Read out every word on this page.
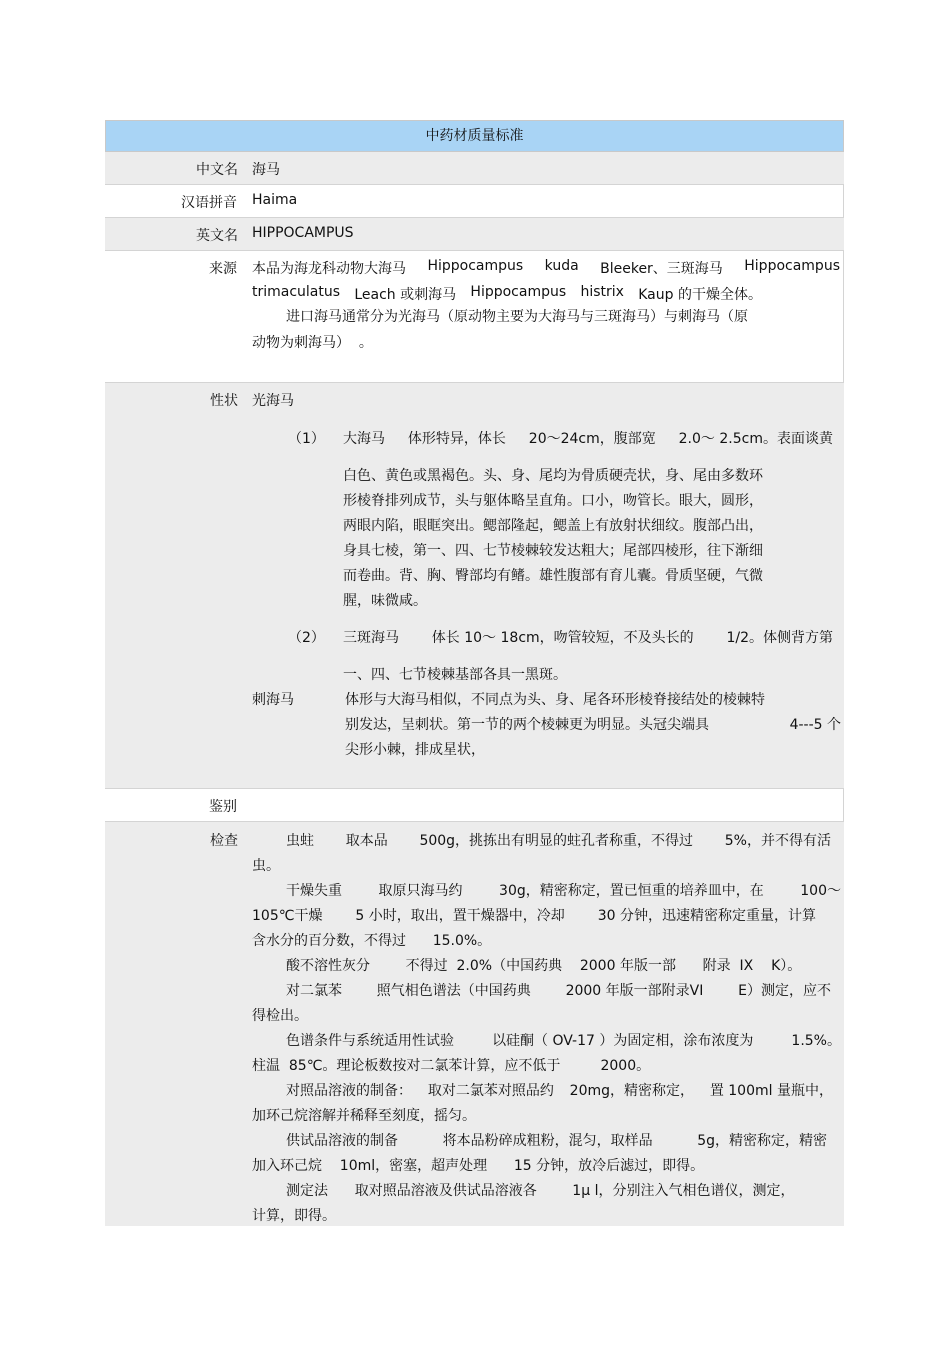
中药材质量标准
中文名 海马
汉语拼音 Haima
英文名 HIPPOCAMPUS
来源 本品为海龙科动物大海马 Hippocampus kuda Bleeker、三斑海马 Hippocampus
trimaculatus Leach 或刺海马 Hippocampus histrix Kaup 的干燥全体。
进口海马通常分为光海马（原动物主要为大海马与三斑海马）与刺海马（原
动物为刺海马）  。
性状 光海马
（1） 大海马 体形特异，体长 20～24cm，腹部宽 2.0～ 2.5cm。表面谈黄
白色、黄色或黑褐色。头、身、尾均为骨质硬壳状，身、尾由多数环
形棱脊排列成节，头与躯体略呈直角。口小，吻管长。眼大，圆形，
两眼内陷，眼眶突出。鳃部隆起，鳃盖上有放射状细纹。腹部凸出，
身具七棱，第一、四、七节棱棘较发达粗大；尾部四棱形，往下渐细
而卷曲。背、胸、臀部均有鳍。雄性腹部有育儿囊。骨质坚硬，气微
腥，味微咸。
（2） 三斑海马 体长 10～ 18cm，吻管较短，不及头长的 1/2。体侧背方第
一、四、七节棱棘基部各具一黑斑。
刺海马	体形与大海马相似，不同点为头、身、尾各环形棱脊接结处的棱棘特
别发达，呈刺状。第一节的两个棱棘更为明显。头冠尖端具	4---5 个
尖形小棘，排成星状，
鉴别
检查	虫蛀 取本品 500g，挑拣出有明显的蛀孔者称重，不得过 5%，并不得有活
虫。
干燥失重	取原只海马约	30g，精密称定，置已恒重的培养皿中，在	100～
105℃干燥 5 小时，取出，置干燥器中，冷却 30 分钟，迅速精密称定重量，计算
含水分的百分数，不得过      15.0%。
酸不溶性灰分        不得过  2.0%（中国药典    2000 年版一部      附录  IX    K）。
对二氯苯 照气相色谱法（中国药典 2000 年版一部附录VI E）测定，应不
得检出。
色谱条件与系统适用性试验	以硅酮（ OV-17 ）为固定相，涂布浓度为	1.5%。
柱温  85℃。理论板数按对二氯苯计算，应不低于         2000。
对照品溶液的制备： 取对二氯苯对照品约 20mg，精密称定， 置 100ml 量瓶中，
加环己烷溶解并稀释至刻度，摇匀。
供试品溶液的制备	将本品粉碎成粗粉，混匀，取样品	5g，精密称定，精密
加入环己烷    10ml，密塞，超声处理      15 分钟，放冷后滤过，即得。
测定法      取对照品溶液及供试品溶液各        1μ l，分别注入气相色谱仪，测定，
计算，即得。
